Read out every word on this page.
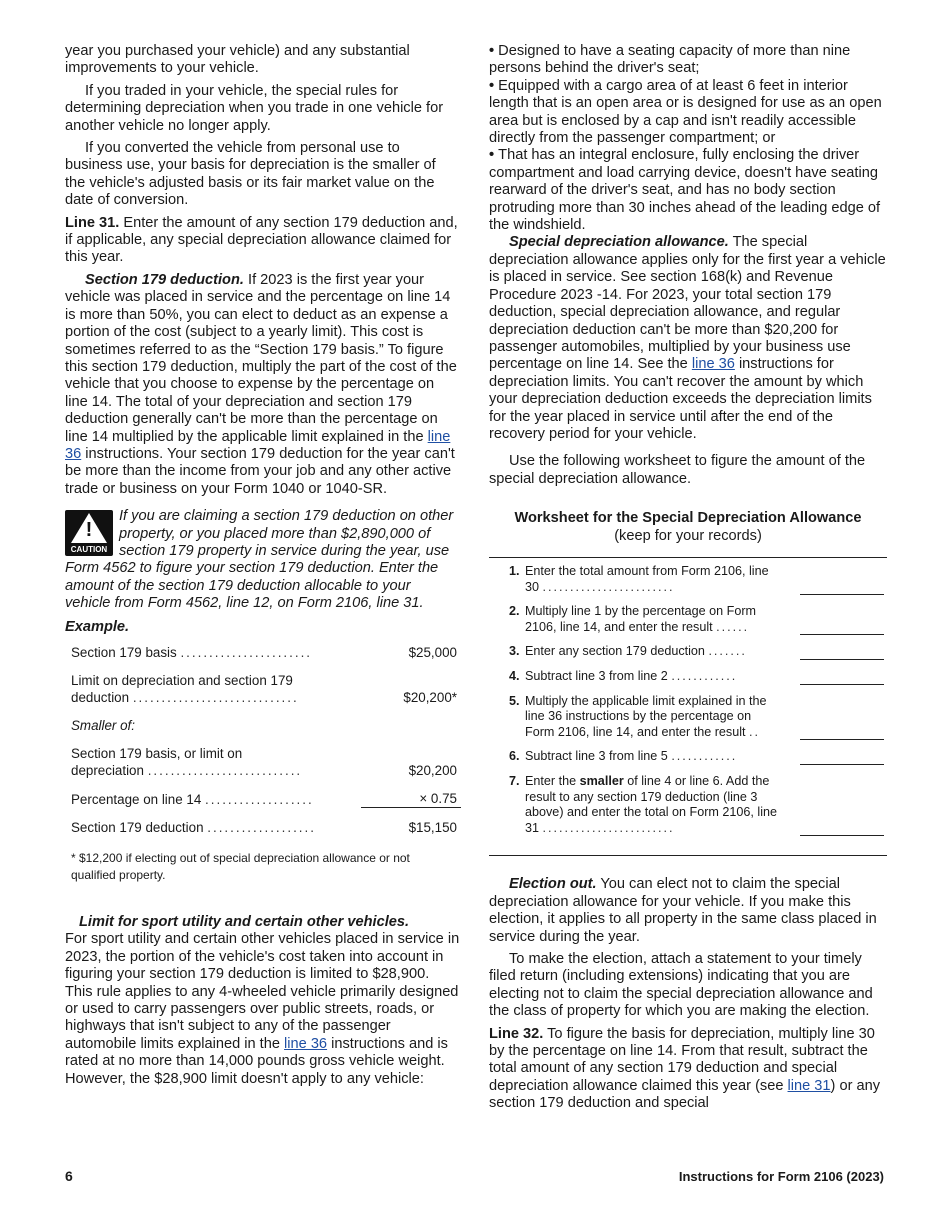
year you purchased your vehicle) and any substantial improvements to your vehicle.

If you traded in your vehicle, the special rules for determining depreciation when you trade in one vehicle for another vehicle no longer apply.

If you converted the vehicle from personal use to business use, your basis for depreciation is the smaller of the vehicle's adjusted basis or its fair market value on the date of conversion.

Line 31. Enter the amount of any section 179 deduction and, if applicable, any special depreciation allowance claimed for this year.

Section 179 deduction. If 2023 is the first year your vehicle was placed in service and the percentage on line 14 is more than 50%, you can elect to deduct as an expense a portion of the cost (subject to a yearly limit). This cost is sometimes referred to as the “Section 179 basis.” To figure this section 179 deduction, multiply the part of the cost of the vehicle that you choose to expense by the percentage on line 14. The total of your depreciation and section 179 deduction generally can't be more than the percentage on line 14 multiplied by the applicable limit explained in the line 36 instructions. Your section 179 deduction for the year can't be more than the income from your job and any other active trade or business on your Form 1040 or 1040-SR.

!
CAUTION
If you are claiming a section 179 deduction on other property, or you placed more than $2,890,000 of section 179 property in service during the year, use Form 4562 to figure your section 179 deduction. Enter the amount of the section 179 deduction allocable to your vehicle from Form 4562, line 12, on Form 2106, line 31.
Example.
Section 179 basis .......................	$25,000

Limit on depreciation and section 179
deduction .............................	$20,200*

Smaller of:	

Section 179 basis, or limit on
depreciation ...........................	$20,200

Percentage on line 14 ...................	× 0.75

Section 179 deduction ...................	$15,150
* $12,200 if electing out of special depreciation allowance or not qualified property.

Limit for sport utility and certain other vehicles.
For sport utility and certain other vehicles placed in service in 2023, the portion of the vehicle's cost taken into account in figuring your section 179 deduction is limited to $28,900. This rule applies to any 4-wheeled vehicle primarily designed or used to carry passengers over public streets, roads, or highways that isn't subject to any of the passenger automobile limits explained in the line 36 instructions and is rated at no more than 14,000 pounds gross vehicle weight. However, the $28,900 limit doesn't apply to any vehicle:

• Designed to have a seating capacity of more than nine persons behind the driver's seat;
• Equipped with a cargo area of at least 6 feet in interior length that is an open area or is designed for use as an open area but is enclosed by a cap and isn't readily accessible directly from the passenger compartment; or
• That has an integral enclosure, fully enclosing the driver compartment and load carrying device, doesn't have seating rearward of the driver's seat, and has no body section protruding more than 30 inches ahead of the leading edge of the windshield.

Special depreciation allowance. The special depreciation allowance applies only for the first year a vehicle is placed in service. See section 168(k) and Revenue Procedure 2023 -14. For 2023, your total section 179 deduction, special depreciation allowance, and regular depreciation deduction can't be more than $20,200 for passenger automobiles, multiplied by your business use percentage on line 14. See the line 36 instructions for depreciation limits. You can't recover the amount by which your depreciation deduction exceeds the depreciation limits for the year placed in service until after the end of the recovery period for your vehicle.

Use the following worksheet to figure the amount of the special depreciation allowance.

Worksheet for the Special Depreciation Allowance
(keep for your records)
1. Enter the total amount from Form 2106, line 30 ........................
2. Multiply line 1 by the percentage on Form 2106, line 14, and enter the result ......
3. Enter any section 179 deduction .......
4. Subtract line 3 from line 2 ............
5. Multiply the applicable limit explained in the line 36 instructions by the percentage on Form 2106, line 14, and enter the result ..
6. Subtract line 3 from line 5 ............
7. Enter the smaller of line 4 or line 6. Add the result to any section 179 deduction (line 3 above) and enter the total on Form 2106, line 31 ........................

Election out. You can elect not to claim the special depreciation allowance for your vehicle. If you make this election, it applies to all property in the same class placed in service during the year.

To make the election, attach a statement to your timely filed return (including extensions) indicating that you are electing not to claim the special depreciation allowance and the class of property for which you are making the election.

Line 32. To figure the basis for depreciation, multiply line 30 by the percentage on line 14. From that result, subtract the total amount of any section 179 deduction and special depreciation allowance claimed this year (see line 31) or any section 179 deduction and special

6	Instructions for Form 2106 (2023)
